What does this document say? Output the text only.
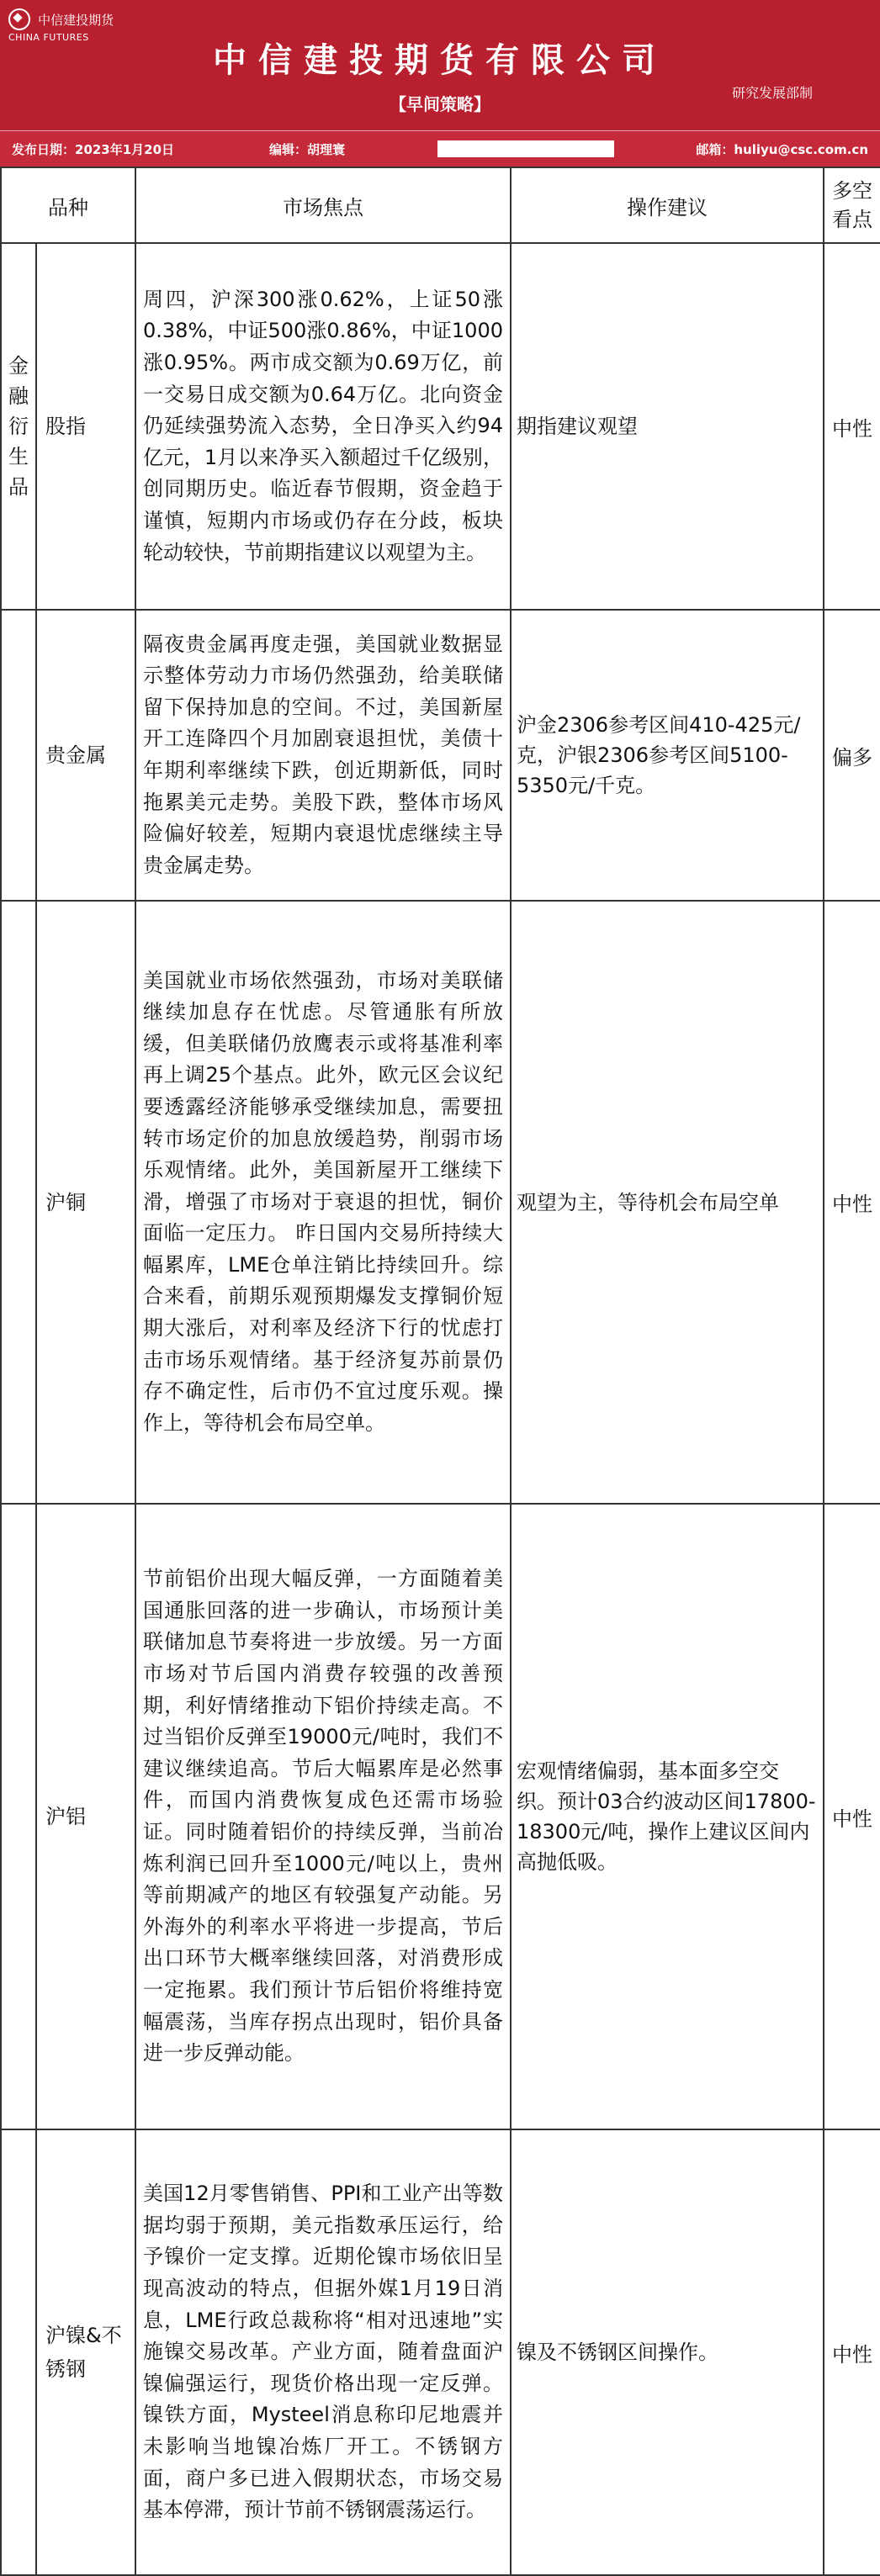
中信建投期货
CHINA FUTURES
中信建投期货有限公司
研究发展部制
【早间策略】
发布日期：2023年1月20日	编辑：胡理寰	邮箱：huliyu@csc.com.cn
品种		市场焦点	操作建议	多空看点
金融衍生品	股指	周四，沪深300涨0.62%，上证50涨0.38%，中证500涨0.86%，中证1000涨0.95%。两市成交额为0.69万亿，前一交易日成交额为0.64万亿。北向资金仍延续强势流入态势，全日净买入约94亿元，1月以来净买入额超过千亿级别，创同期历史。临近春节假期，资金趋于谨慎，短期内市场或仍存在分歧，板块轮动较快，节前期指建议以观望为主。	期指建议观望	中性
	贵金属	隔夜贵金属再度走强，美国就业数据显示整体劳动力市场仍然强劲，给美联储留下保持加息的空间。不过，美国新屋开工连降四个月加剧衰退担忧，美债十年期利率继续下跌，创近期新低，同时拖累美元走势。美股下跌，整体市场风险偏好较差，短期内衰退忧虑继续主导贵金属走势。	沪金2306参考区间410-425元/克，沪银2306参考区间5100-5350元/千克。	偏多
	沪铜	美国就业市场依然强劲，市场对美联储继续加息存在忧虑。尽管通胀有所放缓，但美联储仍放鹰表示或将基准利率再上调25个基点。此外，欧元区会议纪要透露经济能够承受继续加息，需要扭转市场定价的加息放缓趋势，削弱市场乐观情绪。此外，美国新屋开工继续下滑，增强了市场对于衰退的担忧，铜价面临一定压力。 昨日国内交易所持续大幅累库，LME仓单注销比持续回升。综合来看，前期乐观预期爆发支撑铜价短期大涨后，对利率及经济下行的忧虑打击市场乐观情绪。基于经济复苏前景仍存不确定性，后市仍不宜过度乐观。操作上，等待机会布局空单。	观望为主，等待机会布局空单	中性
	沪铝	节前铝价出现大幅反弹，一方面随着美国通胀回落的进一步确认，市场预计美联储加息节奏将进一步放缓。另一方面市场对节后国内消费存较强的改善预期，利好情绪推动下铝价持续走高。不过当铝价反弹至19000元/吨时，我们不建议继续追高。节后大幅累库是必然事件，而国内消费恢复成色还需市场验证。同时随着铝价的持续反弹，当前冶炼利润已回升至1000元/吨以上，贵州等前期减产的地区有较强复产动能。另外海外的利率水平将进一步提高，节后出口环节大概率继续回落，对消费形成一定拖累。我们预计节后铝价将维持宽幅震荡，当库存拐点出现时，铝价具备进一步反弹动能。	宏观情绪偏弱，基本面多空交织。预计03合约波动区间17800-18300元/吨，操作上建议区间内高抛低吸。	中性
	沪镍&不锈钢	美国12月零售销售、PPI和工业产出等数据均弱于预期，美元指数承压运行，给予镍价一定支撑。近期伦镍市场依旧呈现高波动的特点，但据外媒1月19日消息，LME行政总裁称将“相对迅速地”实施镍交易改革。产业方面，随着盘面沪镍偏强运行，现货价格出现一定反弹。镍铁方面，Mysteel消息称印尼地震并未影响当地镍冶炼厂开工。不锈钢方面，商户多已进入假期状态，市场交易基本停滞，预计节前不锈钢震荡运行。	镍及不锈钢区间操作。	中性
